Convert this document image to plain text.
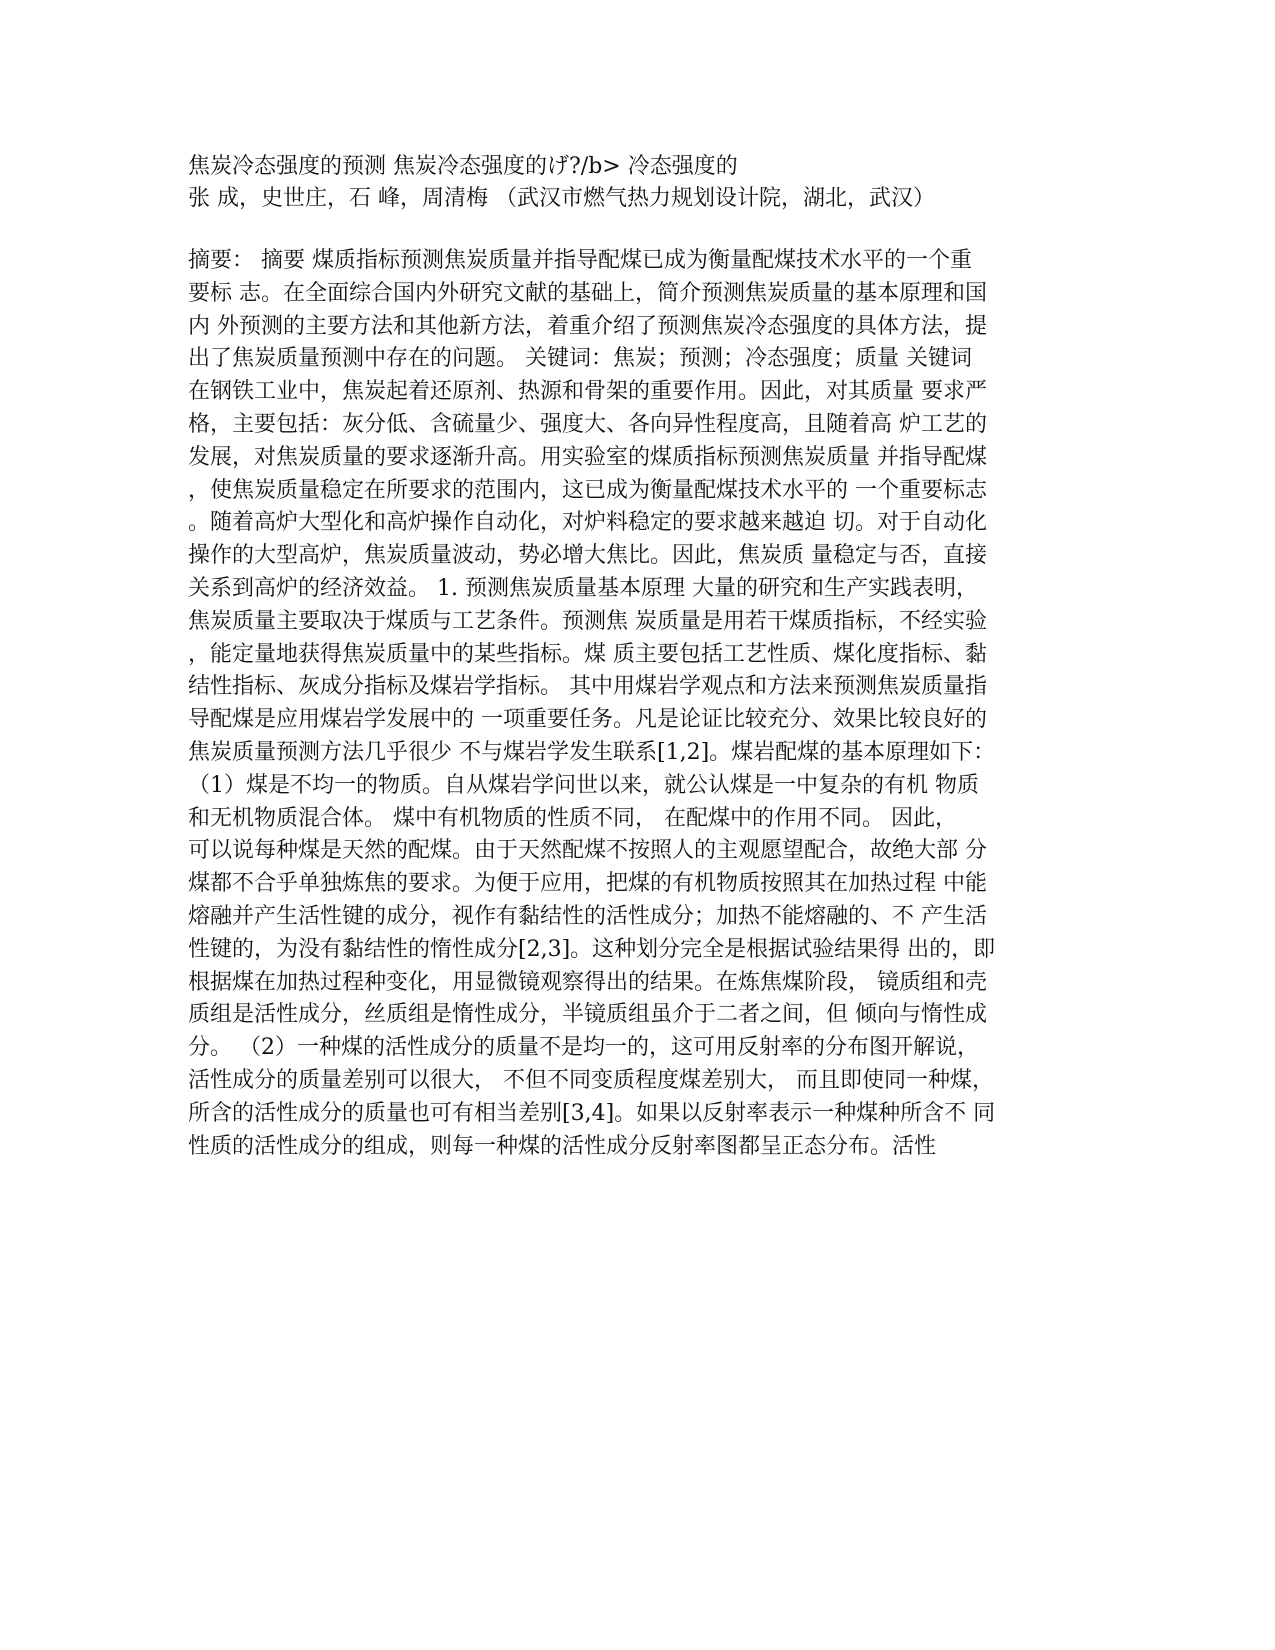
焦炭冷态强度的预测 焦炭冷态强度的げ?/b> 冷态强度的
张 成，史世庄，石 峰，周清梅 （武汉市燃气热力规划设计院，湖北，武汉）
摘要： 摘要 煤质指标预测焦炭质量并指导配煤已成为衡量配煤技术水平的一个重
要标 志。在全面综合国内外研究文献的基础上，简介预测焦炭质量的基本原理和国
内 外预测的主要方法和其他新方法，着重介绍了预测焦炭冷态强度的具体方法，提
出了焦炭质量预测中存在的问题。 关键词：焦炭；预测；冷态强度；质量 关键词
在钢铁工业中，焦炭起着还原剂、热源和骨架的重要作用。因此，对其质量 要求严
格，主要包括：灰分低、含硫量少、强度大、各向异性程度高，且随着高 炉工艺的
发展，对焦炭质量的要求逐渐升高。用实验室的煤质指标预测焦炭质量 并指导配煤
，使焦炭质量稳定在所要求的范围内，这已成为衡量配煤技术水平的 一个重要标志
。随着高炉大型化和高炉操作自动化，对炉料稳定的要求越来越迫 切。对于自动化
操作的大型高炉，焦炭质量波动，势必增大焦比。因此，焦炭质 量稳定与否，直接
关系到高炉的经济效益。 1. 预测焦炭质量基本原理 大量的研究和生产实践表明，
焦炭质量主要取决于煤质与工艺条件。预测焦 炭质量是用若干煤质指标，不经实验
，能定量地获得焦炭质量中的某些指标。煤 质主要包括工艺性质、煤化度指标、黏
结性指标、灰成分指标及煤岩学指标。 其中用煤岩学观点和方法来预测焦炭质量指
导配煤是应用煤岩学发展中的 一项重要任务。凡是论证比较充分、效果比较良好的
焦炭质量预测方法几乎很少 不与煤岩学发生联系[1,2]。煤岩配煤的基本原理如下：
（1）煤是不均一的物质。自从煤岩学问世以来，就公认煤是一中复杂的有机 物质
和无机物质混合体。 煤中有机物质的性质不同， 在配煤中的作用不同。 因此，
可以说每种煤是天然的配煤。由于天然配煤不按照人的主观愿望配合，故绝大部 分
煤都不合乎单独炼焦的要求。为便于应用，把煤的有机物质按照其在加热过程 中能
熔融并产生活性键的成分，视作有黏结性的活性成分；加热不能熔融的、不 产生活
性键的，为没有黏结性的惰性成分[2,3]。这种划分完全是根据试验结果得 出的，即
根据煤在加热过程种变化，用显微镜观察得出的结果。在炼焦煤阶段， 镜质组和壳
质组是活性成分，丝质组是惰性成分，半镜质组虽介于二者之间，但 倾向与惰性成
分。 （2）一种煤的活性成分的质量不是均一的，这可用反射率的分布图开解说，
活性成分的质量差别可以很大， 不但不同变质程度煤差别大， 而且即使同一种煤，
所含的活性成分的质量也可有相当差别[3,4]。如果以反射率表示一种煤种所含不 同
性质的活性成分的组成，则每一种煤的活性成分反射率图都呈正态分布。活性
